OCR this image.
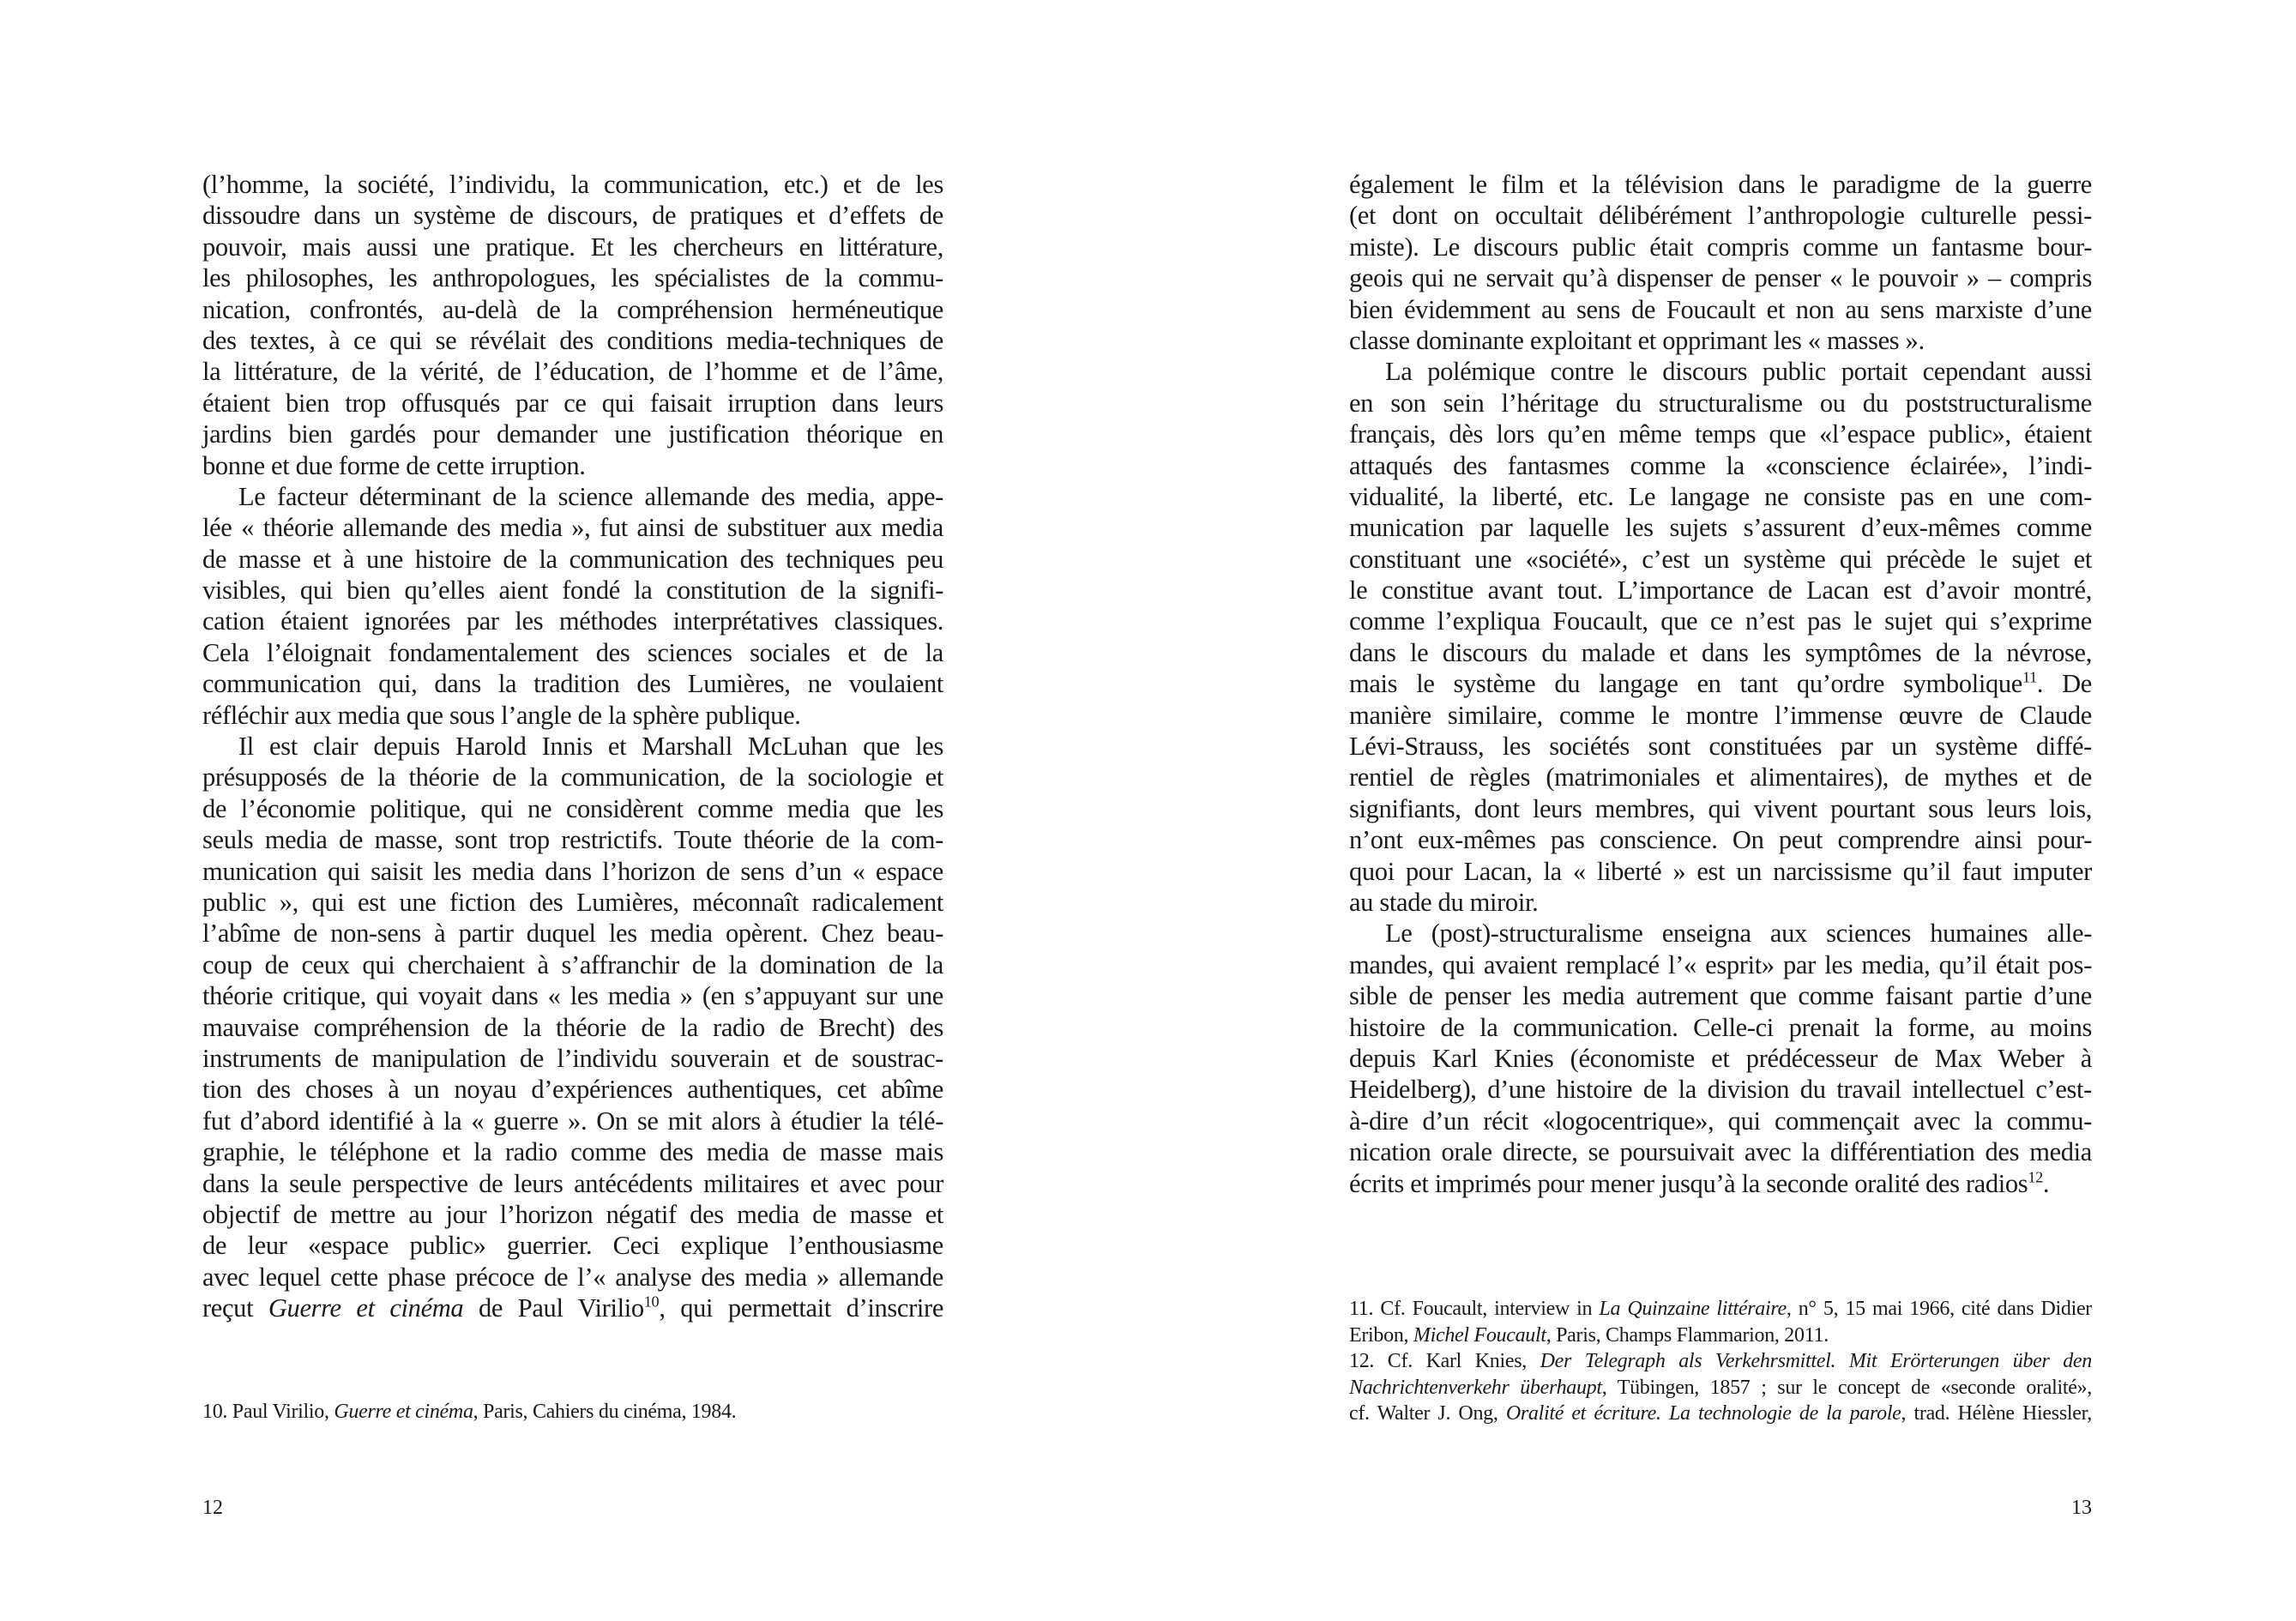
(l’homme, la société, l’individu, la communication, etc.) et de les
dissoudre dans un système de discours, de pratiques et d’effets de
pouvoir, mais aussi une pratique. Et les chercheurs en littérature,
les philosophes, les anthropologues, les spécialistes de la commu-
nication, confrontés, au-delà de la compréhension herméneutique
des textes, à ce qui se révélait des conditions media-techniques de
la littérature, de la vérité, de l’éducation, de l’homme et de l’âme,
étaient bien trop offusqués par ce qui faisait irruption dans leurs
jardins bien gardés pour demander une justification théorique en
bonne et due forme de cette irruption.
Le facteur déterminant de la science allemande des media, appe-
lée « théorie allemande des media », fut ainsi de substituer aux media
de masse et à une histoire de la communication des techniques peu
visibles, qui bien qu’elles aient fondé la constitution de la signifi-
cation étaient ignorées par les méthodes interprétatives classiques.
Cela l’éloignait fondamentalement des sciences sociales et de la
communication qui, dans la tradition des Lumières, ne voulaient
réfléchir aux media que sous l’angle de la sphère publique.
Il est clair depuis Harold Innis et Marshall McLuhan que les
présupposés de la théorie de la communication, de la sociologie et
de l’économie politique, qui ne considèrent comme media que les
seuls media de masse, sont trop restrictifs. Toute théorie de la com-
munication qui saisit les media dans l’horizon de sens d’un « espace
public », qui est une fiction des Lumières, méconnaît radicalement
l’abîme de non-sens à partir duquel les media opèrent. Chez beau-
coup de ceux qui cherchaient à s’affranchir de la domination de la
théorie critique, qui voyait dans « les media » (en s’appuyant sur une
mauvaise compréhension de la théorie de la radio de Brecht) des
instruments de manipulation de l’individu souverain et de soustrac-
tion des choses à un noyau d’expériences authentiques, cet abîme
fut d’abord identifié à la « guerre ». On se mit alors à étudier la télé-
graphie, le téléphone et la radio comme des media de masse mais
dans la seule perspective de leurs antécédents militaires et avec pour
objectif de mettre au jour l’horizon négatif des media de masse et
de leur «espace public» guerrier. Ceci explique l’enthousiasme
avec lequel cette phase précoce de l’« analyse des media » allemande
reçut Guerre et cinéma de Paul Virilio$^{10}$, qui permettait d’inscrire
10. Paul Virilio, Guerre et cinéma, Paris, Cahiers du cinéma, 1984.
12
également le film et la télévision dans le paradigme de la guerre
(et dont on occultait délibérément l’anthropologie culturelle pessi-
miste). Le discours public était compris comme un fantasme bour-
geois qui ne servait qu’à dispenser de penser « le pouvoir » – compris
bien évidemment au sens de Foucault et non au sens marxiste d’une
classe dominante exploitant et opprimant les « masses ».
La polémique contre le discours public portait cependant aussi
en son sein l’héritage du structuralisme ou du poststructuralisme
français, dès lors qu’en même temps que «l’espace public», étaient
attaqués des fantasmes comme la «conscience éclairée», l’indi-
vidualité, la liberté, etc. Le langage ne consiste pas en une com-
munication par laquelle les sujets s’assurent d’eux-mêmes comme
constituant une «société», c’est un système qui précède le sujet et
le constitue avant tout. L’importance de Lacan est d’avoir montré,
comme l’expliqua Foucault, que ce n’est pas le sujet qui s’exprime
dans le discours du malade et dans les symptômes de la névrose,
mais le système du langage en tant qu’ordre symbolique$^{11}$. De
manière similaire, comme le montre l’immense œuvre de Claude
Lévi-Strauss, les sociétés sont constituées par un système diffé-
rentiel de règles (matrimoniales et alimentaires), de mythes et de
signifiants, dont leurs membres, qui vivent pourtant sous leurs lois,
n’ont eux-mêmes pas conscience. On peut comprendre ainsi pour-
quoi pour Lacan, la « liberté » est un narcissisme qu’il faut imputer
au stade du miroir.
Le (post)-structuralisme enseigna aux sciences humaines alle-
mandes, qui avaient remplacé l’« esprit» par les media, qu’il était pos-
sible de penser les media autrement que comme faisant partie d’une
histoire de la communication. Celle-ci prenait la forme, au moins
depuis Karl Knies (économiste et prédécesseur de Max Weber à
Heidelberg), d’une histoire de la division du travail intellectuel c’est-
à-dire d’un récit «logocentrique», qui commençait avec la commu-
nication orale directe, se poursuivait avec la différentiation des media
écrits et imprimés pour mener jusqu’à la seconde oralité des radios$^{12}$.
11. Cf. Foucault, interview in La Quinzaine littéraire, n° 5, 15 mai 1966, cité dans Didier
Eribon, Michel Foucault, Paris, Champs Flammarion, 2011.
12. Cf. Karl Knies, Der Telegraph als Verkehrsmittel. Mit Erörterungen über den
Nachrichtenverkehr überhaupt, Tübingen, 1857 ; sur le concept de «seconde oralité»,
cf. Walter J. Ong, Oralité et écriture. La technologie de la parole, trad. Hélène Hiessler,
13
